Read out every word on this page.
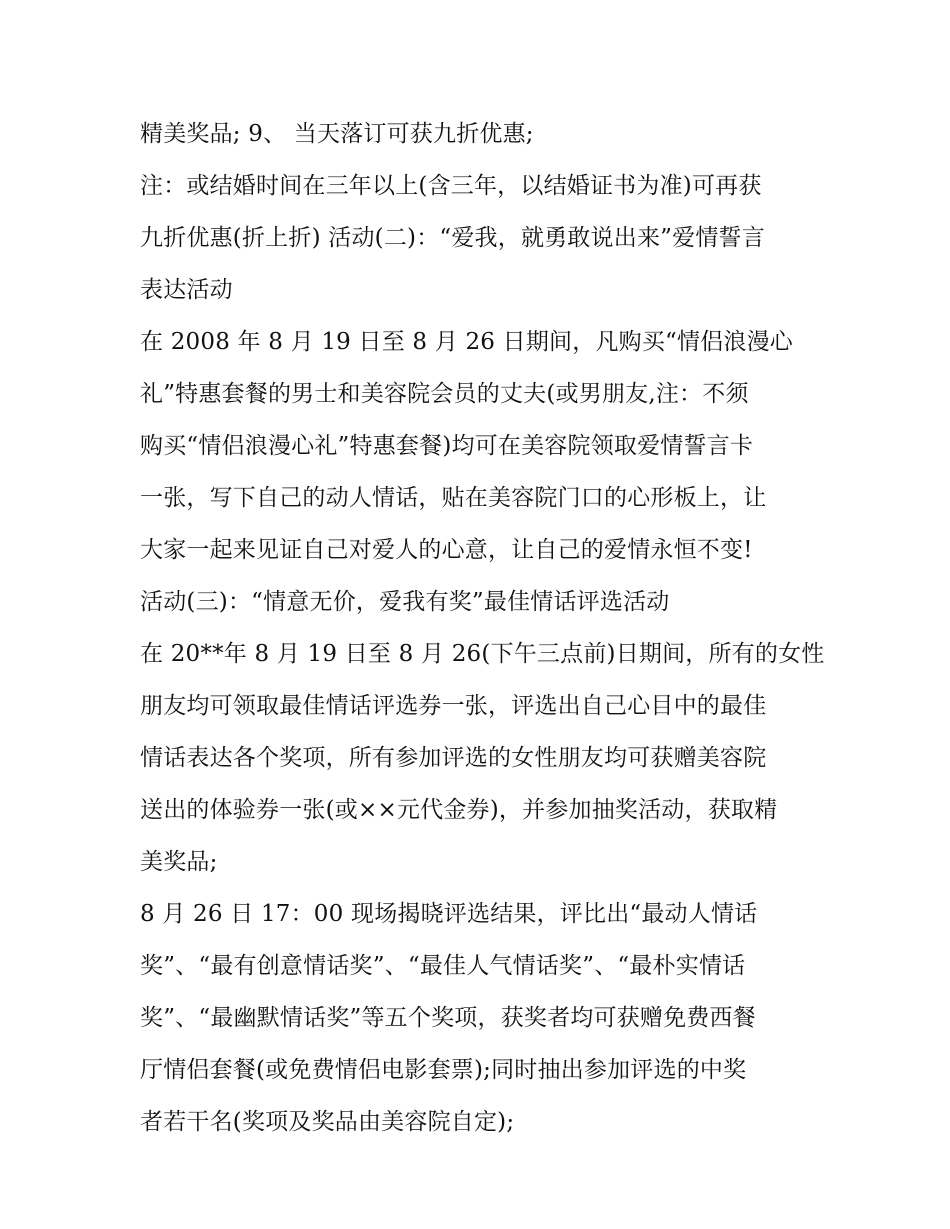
精美奖品; 9、 当天落订可获九折优惠;
注：或结婚时间在三年以上(含三年，以结婚证书为准)可再获
九折优惠(折上折) 活动(二)：“爱我，就勇敢说出来”爱情誓言
表达活动
在 2008 年 8 月 19 日至 8 月 26 日期间，凡购买“情侣浪漫心
礼”特惠套餐的男士和美容院会员的丈夫(或男朋友,注：不须
购买“情侣浪漫心礼”特惠套餐)均可在美容院领取爱情誓言卡
一张，写下自己的动人情话，贴在美容院门口的心形板上，让
大家一起来见证自己对爱人的心意，让自己的爱情永恒不变!
活动(三)：“情意无价，爱我有奖”最佳情话评选活动
在 20**年 8 月 19 日至 8 月 26(下午三点前)日期间，所有的女性
朋友均可领取最佳情话评选券一张，评选出自己心目中的最佳
情话表达各个奖项，所有参加评选的女性朋友均可获赠美容院
送出的体验券一张(或××元代金券)，并参加抽奖活动，获取精
美奖品;
8 月 26 日 17：00 现场揭晓评选结果，评比出“最动人情话
奖”、“最有创意情话奖”、“最佳人气情话奖”、“最朴实情话
奖”、“最幽默情话奖”等五个奖项，获奖者均可获赠免费西餐
厅情侣套餐(或免费情侣电影套票);同时抽出参加评选的中奖
者若干名(奖项及奖品由美容院自定);
